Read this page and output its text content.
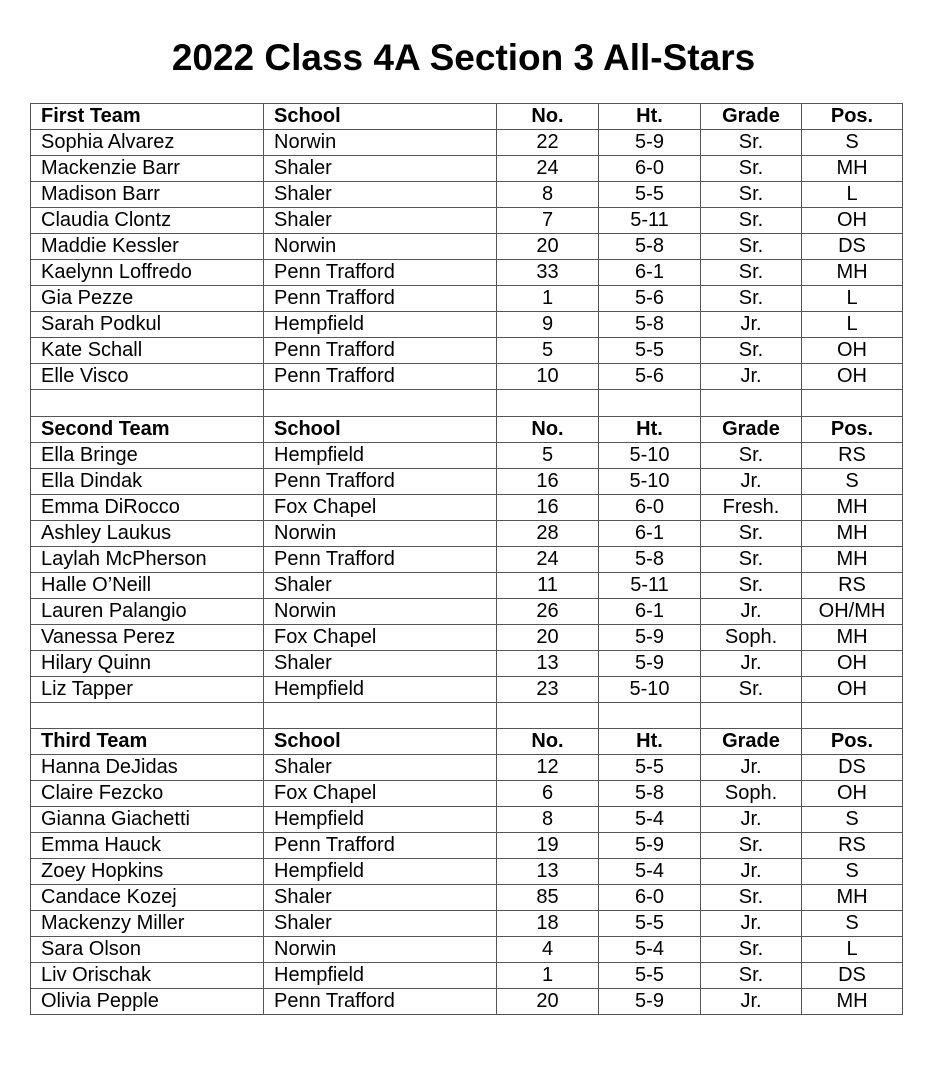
2022 Class 4A Section 3 All-Stars
First Team	School	No.	Ht.	Grade	Pos.
Sophia Alvarez	Norwin	22	5-9	Sr.	S
Mackenzie Barr	Shaler	24	6-0	Sr.	MH
Madison Barr	Shaler	8	5-5	Sr.	L
Claudia Clontz	Shaler	7	5-11	Sr.	OH
Maddie Kessler	Norwin	20	5-8	Sr.	DS
Kaelynn Loffredo	Penn Trafford	33	6-1	Sr.	MH
Gia Pezze	Penn Trafford	1	5-6	Sr.	L
Sarah Podkul	Hempfield	9	5-8	Jr.	L
Kate Schall	Penn Trafford	5	5-5	Sr.	OH
Elle Visco	Penn Trafford	10	5-6	Jr.	OH

Second Team	School	No.	Ht.	Grade	Pos.
Ella Bringe	Hempfield	5	5-10	Sr.	RS
Ella Dindak	Penn Trafford	16	5-10	Jr.	S
Emma DiRocco	Fox Chapel	16	6-0	Fresh.	MH
Ashley Laukus	Norwin	28	6-1	Sr.	MH
Laylah McPherson	Penn Trafford	24	5-8	Sr.	MH
Halle O’Neill	Shaler	11	5-11	Sr.	RS
Lauren Palangio	Norwin	26	6-1	Jr.	OH/MH
Vanessa Perez	Fox Chapel	20	5-9	Soph.	MH
Hilary Quinn	Shaler	13	5-9	Jr.	OH
Liz Tapper	Hempfield	23	5-10	Sr.	OH

Third Team	School	No.	Ht.	Grade	Pos.
Hanna DeJidas	Shaler	12	5-5	Jr.	DS
Claire Fezcko	Fox Chapel	6	5-8	Soph.	OH
Gianna Giachetti	Hempfield	8	5-4	Jr.	S
Emma Hauck	Penn Trafford	19	5-9	Sr.	RS
Zoey Hopkins	Hempfield	13	5-4	Jr.	S
Candace Kozej	Shaler	85	6-0	Sr.	MH
Mackenzy Miller	Shaler	18	5-5	Jr.	S
Sara Olson	Norwin	4	5-4	Sr.	L
Liv Orischak	Hempfield	1	5-5	Sr.	DS
Olivia Pepple	Penn Trafford	20	5-9	Jr.	MH
